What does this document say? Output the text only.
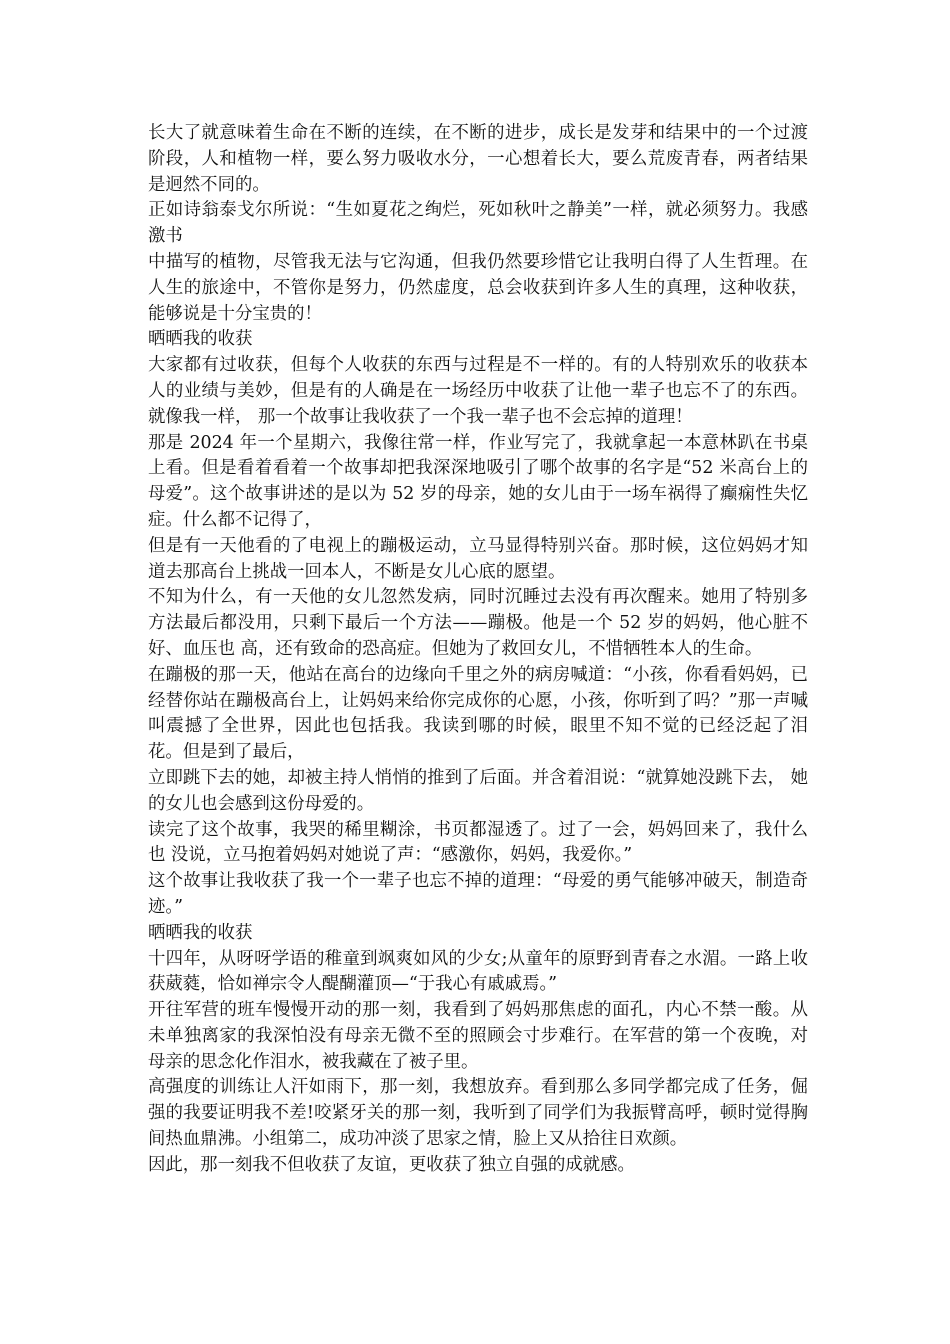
长大了就意味着生命在不断的连续，在不断的进步，成长是发芽和结果中的一个过渡阶段，人和植物一样，要么努力吸收水分，一心想着长大，要么荒废青春，两者结果是迥然不同的。

正如诗翁泰戈尔所说：“生如夏花之绚烂，死如秋叶之静美”一样，就必须努力。我感激书

中描写的植物，尽管我无法与它沟通，但我仍然要珍惜它让我明白得了人生哲理。在人生的旅途中，不管你是努力，仍然虚度，总会收获到许多人生的真理，这种收获，能够说是十分宝贵的！

晒晒我的收获

大家都有过收获，但每个人收获的东西与过程是不一样的。有的人特别欢乐的收获本人的业绩与美妙，但是有的人确是在一场经历中收获了让他一辈子也忘不了的东西。就像我一样， 那一个故事让我收获了一个我一辈子也不会忘掉的道理！

那是 2024 年一个星期六，我像往常一样，作业写完了，我就拿起一本意林趴在书桌上看。但是看着看着一个故事却把我深深地吸引了哪个故事的名字是“52 米高台上的母爱”。这个故事讲述的是以为 52 岁的母亲，她的女儿由于一场车祸得了癫痫性失忆症。什么都不记得了，

但是有一天他看的了电视上的蹦极运动，立马显得特别兴奋。那时候，这位妈妈才知 道去那高台上挑战一回本人，不断是女儿心底的愿望。

不知为什么，有一天他的女儿忽然发病，同时沉睡过去没有再次醒来。她用了特别多方法最后都没用，只剩下最后一个方法——蹦极。他是一个 52 岁的妈妈，他心脏不好、血压也 高，还有致命的恐高症。但她为了救回女儿，不惜牺牲本人的生命。

在蹦极的那一天，他站在高台的边缘向千里之外的病房喊道：“小孩，你看看妈妈，已经替你站在蹦极高台上，让妈妈来给你完成你的心愿，小孩，你听到了吗？”那一声喊叫震撼了全世界，因此也包括我。我读到哪的时候，眼里不知不觉的已经泛起了泪花。但是到了最后，

立即跳下去的她，却被主持人悄悄的推到了后面。并含着泪说：“就算她没跳下去， 她的女儿也会感到这份母爱的。

读完了这个故事，我哭的稀里糊涂，书页都湿透了。过了一会，妈妈回来了，我什么也 没说，立马抱着妈妈对她说了声：“感激你，妈妈，我爱你。”

这个故事让我收获了我一个一辈子也忘不掉的道理：“母爱的勇气能够冲破天，制造奇 迹。”

晒晒我的收获

十四年，从呀呀学语的稚童到飒爽如风的少女;从童年的原野到青春之水湄。一路上收获葳蕤，恰如禅宗令人醍醐灌顶—“于我心有戚戚焉。”

开往军营的班车慢慢开动的那一刻，我看到了妈妈那焦虑的面孔，内心不禁一酸。从未单独离家的我深怕没有母亲无微不至的照顾会寸步难行。在军营的第一个夜晚，对母亲的思念化作泪水，被我藏在了被子里。

高强度的训练让人汗如雨下，那一刻，我想放弃。看到那么多同学都完成了任务，倔强的我要证明我不差!咬紧牙关的那一刻，我听到了同学们为我振臂高呼，顿时觉得胸间热血鼎沸。小组第二，成功冲淡了思家之情，脸上又从拾往日欢颜。

因此，那一刻我不但收获了友谊，更收获了独立自强的成就感。
